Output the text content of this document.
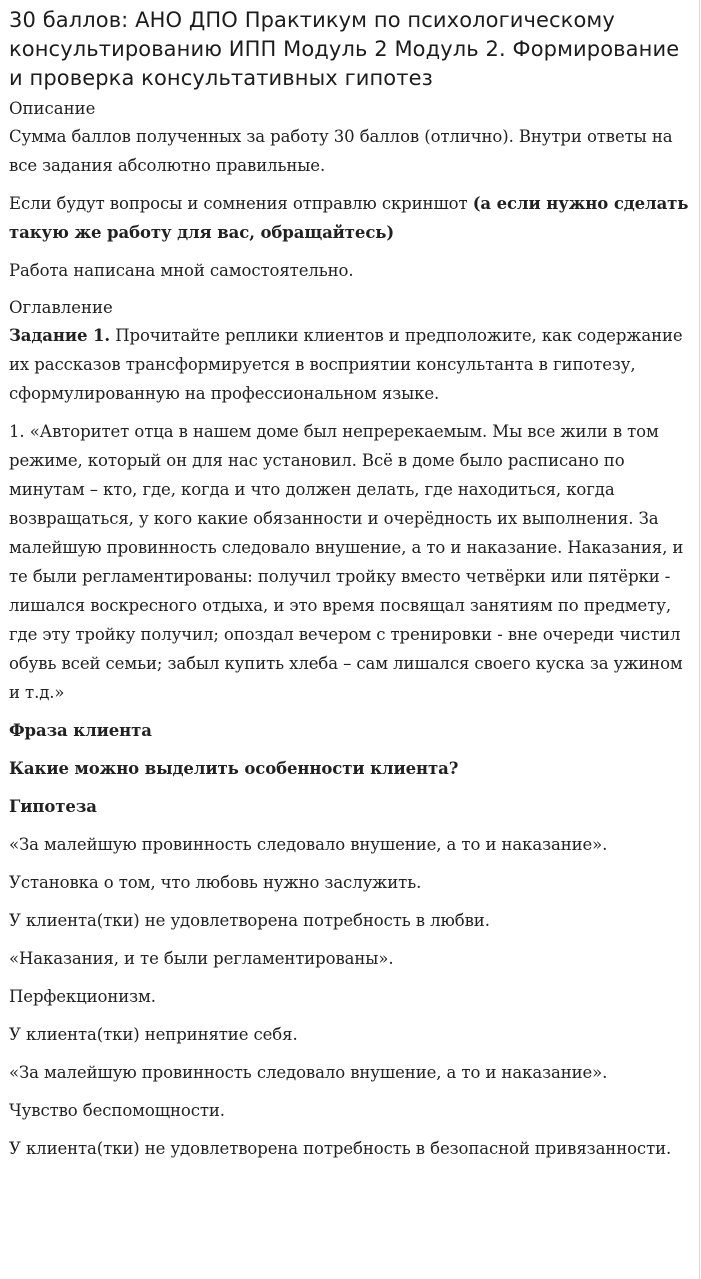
30 баллов: АНО ДПО Практикум по психологическому консультированию ИПП Модуль 2 Модуль 2. Формирование и проверка консультативных гипотез
Описание

Сумма баллов полученных за работу 30 баллов (отлично). Внутри ответы на все задания абсолютно правильные.

Если будут вопросы и сомнения отправлю скриншот (а если нужно сделать такую же работу для вас, обращайтесь)

Работа написана мной самостоятельно.

Оглавление

Задание 1. Прочитайте реплики клиентов и предположите, как содержание их рассказов трансформируется в восприятии консультанта в гипотезу, сформулированную на профессиональном языке.

1. «Авторитет отца в нашем доме был непререкаемым. Мы все жили в том режиме, который он для нас установил. Всё в доме было расписано по минутам – кто, где, когда и что должен делать, где находиться, когда возвращаться, у кого какие обязанности и очерёдность их выполнения. За малейшую провинность следовало внушение, а то и наказание. Наказания, и те были регламентированы: получил тройку вместо четвёрки или пятёрки - лишался воскресного отдыха, и это время посвящал занятиям по предмету, где эту тройку получил; опоздал вечером с тренировки - вне очереди чистил обувь всей семьи; забыл купить хлеба – сам лишался своего куска за ужином и т.д.»

Фраза клиента

Какие можно выделить особенности клиента?

Гипотеза

«За малейшую провинность следовало внушение, а то и наказание».

Установка о том, что любовь нужно заслужить.

У клиента(тки) не удовлетворена потребность в любви.

«Наказания, и те были регламентированы».

Перфекционизм.

У клиента(тки) непринятие себя.

«За малейшую провинность следовало внушение, а то и наказание».

Чувство беспомощности.

У клиента(тки) не удовлетворена потребность в безопасной привязанности.
